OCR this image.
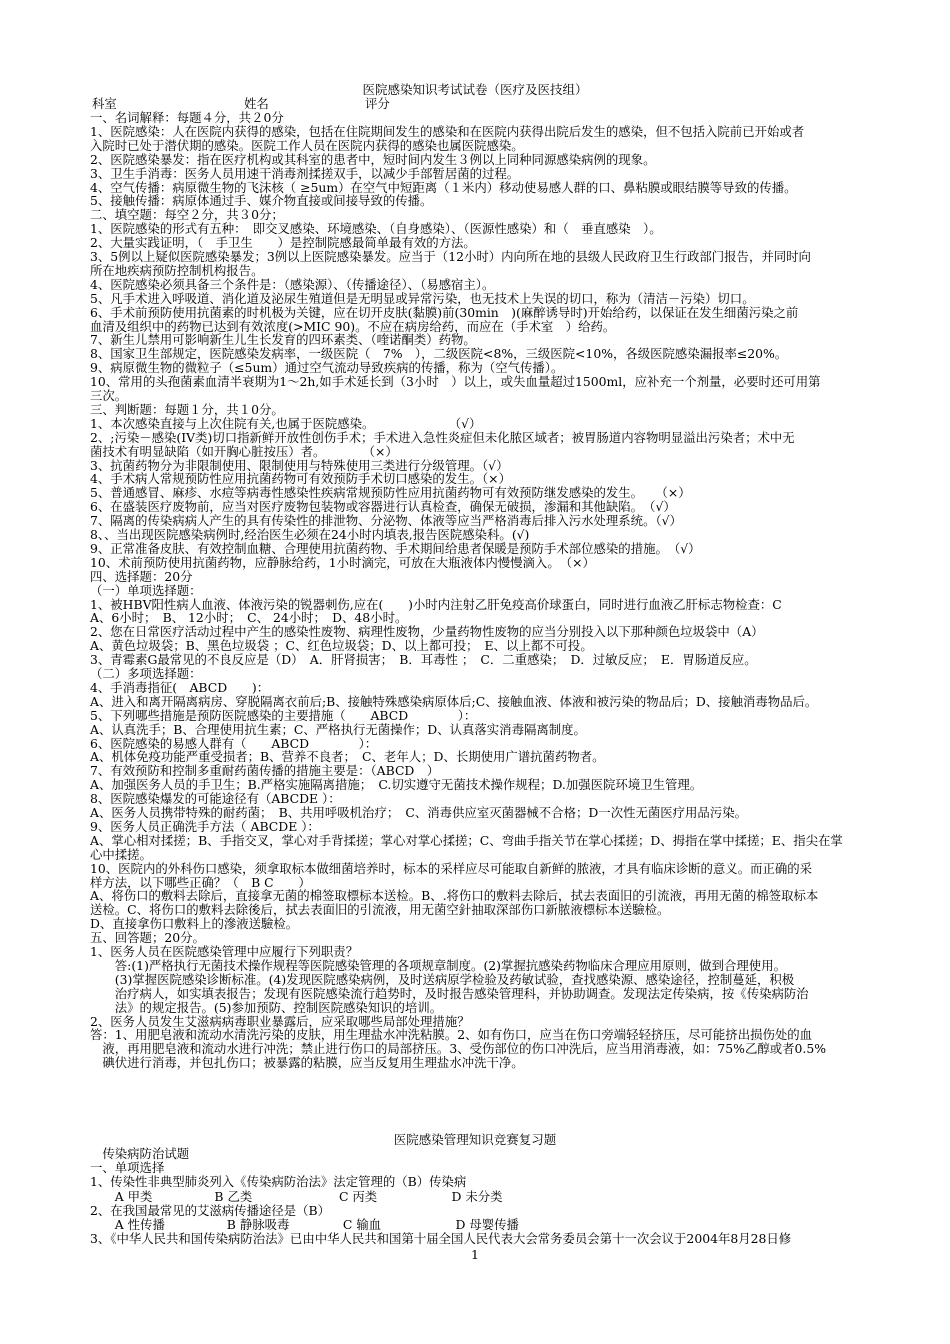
医院感染知识考试试卷（医疗及医技组）
科室	姓名	评分
一、名词解释：每题４分，共２0分
1、医院感染：人在医院内获得的感染，包括在住院期间发生的感染和在医院内获得出院后发生的感染，但不包括入院前已开始或者
入院时已处于潜伏期的感染。医院工作人员在医院内获得的感染也属医院感染。
2、医院感染暴发：指在医疗机构或其科室的患者中，短时间内发生３例以上同种同源感染病例的现象。
3、卫生手消毒：医务人员用速干消毒剂揉搓双手，以减少手部暂居菌的过程。
4、空气传播：病原微生物的飞沫核（ ≥5um）在空气中短距离（１米内）移动使易感人群的口、鼻粘膜或眼结膜等导致的传播。
5、接触传播：病原体通过手、媒介物直接或间接导致的传播。
二、填空题：每空２分，共３0分；
1、医院感染的形式有五种：　即交叉感染、环境感染、（自身感染）、（医源性感染）和（　垂直感染　）。
2、大量实践证明，（　手卫生　　）是控制院感最简单最有效的方法。
3、5例以上疑似医院感染暴发；3例以上医院感染暴发。应当于（12小时）内向所在地的县级人民政府卫生行政部门报告，并同时向
所在地疾病预防控制机构报告。
4、医院感染必须具备三个条件是：（感染源）、（传播途径）、（易感宿主）。
5、凡手术进入呼吸道、消化道及泌尿生殖道但是无明显或异常污染，也无技术上失误的切口，称为（清洁－污染）切口。
6、手术前预防使用抗菌素的时机极为关键，应在切开皮肤(黏膜)前(30min　)(麻醉诱导时)开始给药，以保证在发生细菌污染之前
血清及组织中的药物已达到有效浓度(>MIC 90)。不应在病房给药，而应在（手术室　）给药。
7、新生儿禁用可影响新生儿生长发育的四环素类、（喹诺酮类）药物。
8、国家卫生部规定，医院感染发病率，一级医院（　7%　），二级医院<8%，三级医院<10%，各级医院感染漏报率≤20%。
9、病原微生物的微粒子（≤5um）通过空气流动导致疾病的传播，称为（空气传播）。
10、常用的头孢菌素血清半衰期为1～2h,如手术延长到（3小时　）以上，或失血量超过1500ml，应补充一个剂量，必要时还可用第
三次。
三、判断题：每题１分，共１0分。
1、本次感染直接与上次住院有关,也属于医院感染。　　　　　　　（√）
2、;污染－感染(IV类)切口指新鲜开放性创伤手术；手术进入急性炎症但未化脓区域者；被胃肠道内容物明显溢出污染者；术中无
菌技术有明显缺陷（如开胸心脏按压）者。　　　　（×）
3、抗菌药物分为非限制使用、限制使用与特殊使用三类进行分级管理。（√）
4、手术病人常规预防性应用抗菌药物可有效预防手术切口感染的发生。（×）
5、普通感冒、麻疹、水痘等病毒性感染性疾病常规预防性应用抗菌药物可有效预防继发感染的发生。　　（×）
6、在盛装医疗废物前，应当对医疗废物包装物或容器进行认真检查，确保无破损，渗漏和其他缺陷。　（√）
7、隔离的传染病病人产生的具有传染性的排泄物、分泌物、体液等应当严格消毒后排入污水处理系统。（√）
8、、当出现医院感染病例时,经治医生必须在24小时内填表,报告医院感染科。(√)
9、正常准备皮肤、有效控制血糖、合理使用抗菌药物、手术期间给患者保暖是预防手术部位感染的措施。　（√）
10、术前预防使用抗菌药物，应静脉给药，1小时滴完，可放在大瓶液体内慢慢滴入。　（×）
四、选择题：20分
（一）单项选择题：
1、被HBV阳性病人血液、体液污染的锐器刺伤,应在(　　)小时内注射乙肝免疫高价球蛋白，同时进行血液乙肝标志物检查：C
A、6小时；　B、 12小时；　C、 24小时；　D、48小时。
2、您在日常医疗活动过程中产生的感染性废物、病理性废物，少量药物性废物的应当分别投入以下那种颜色垃圾袋中（A）
A、黄色垃圾袋；B、黑色垃圾袋 ；C、红色垃圾袋；D、以上都可投；　E、以上都不可投。
3、青霉素G最常见的不良反应是（D）　A．肝肾损害；　B．耳毒性 ；　C．二重感染；　D．过敏反应；　E．胃肠道反应。
（二）多项选择题：
4、手消毒指征(　ABCD　　)：
A、进入和离开隔离病房、穿脱隔离衣前后;B、接触特殊感染病原体后;C、接触血液、体液和被污染的物品后；D、接触消毒物品后。
5、下列哪些措施是预防医院感染的主要措施（　　ABCD　　　　）：
A、认真洗手；B、合理使用抗生素；C、严格执行无菌操作；D、认真落实消毒隔离制度。
6、医院感染的易感人群有（　　ABCD　　　　）：
A、机体免疫功能严重受损者；B、营养不良者；　C、老年人；D、长期使用广谱抗菌药物者。
7、有效预防和控制多重耐药菌传播的措施主要是：（ABCD　）
A、加强医务人员的手卫生；B.严格实施隔离措施；　C.切实遵守无菌技术操作规程；D.加强医院环境卫生管理。
8、医院感染爆发的可能途径有（ABCDE ）：
A、医务人员携带特殊的耐药菌；　B、共用呼吸机治疗；　C、消毒供应室灭菌器械不合格；D一次性无菌医疗用品污染。
9、医务人员正确洗手方法（ ABCDE ）：
A、掌心相对揉搓；B、手指交叉，掌心对手背揉搓；掌心对掌心揉搓；C、弯曲手指关节在掌心揉搓；D、拇指在掌中揉搓；E、指尖在掌
心中揉搓。
10、医院内的外科伤口感染，须拿取标本做细菌培养时，标本的采样应尽可能取自新鲜的脓液，才具有临床诊断的意义。而正确的采
样方法，以下哪些正确？（　B C　　）
A、将伤口的敷料去除后，直接拿无菌的棉签取標标本送检。B、.将伤口的敷料去除后，拭去表面旧的引流液，再用无菌的棉签取标本
送检。C、将伤口的敷料去除後后，拭去表面旧的引流液，用无菌空針抽取深部伤口新脓液標标本送驗检。
D、直接拿伤口敷料上的滲液送驗检。
五、回答题；20分。
1、医务人员在医院感染管理中应履行下列职责？
　　答:(1)严格执行无菌技术操作规程等医院感染管理的各项规章制度。(2)掌握抗感染药物临床合理应用原则，做到合理使用。
　　(3)掌握医院感染诊断标准。(4)发现医院感染病例，及时送病原学检验及药敏试验，查找感染源、感染途径，控制蔓延，积极
　　治疗病人，如实填表报告；发现有医院感染流行趋势时，及时报告感染管理科，并协助调查。发现法定传染病，按《传染病防治
　　法》的规定报告。(5)参加预防、控制医院感染知识的培训。
2、医务人员发生艾滋病病毒职业暴露后，应采取哪些局部处理措施？
答：1、用肥皂液和流动水清洗污染的皮肤，用生理盐水冲洗粘膜。2、如有伤口，应当在伤口旁端轻轻挤压，尽可能挤出损伤处的血
　液，再用肥皂液和流动水进行冲洗；禁止进行伤口的局部挤压。3、受伤部位的伤口冲洗后，应当用消毒液，如：75%乙醇或者0.5%
　碘伏进行消毒，并包扎伤口；被暴露的粘膜，应当反复用生理盐水冲洗干净。
医院感染管理知识竞赛复习题
　传染病防治试题
一、单项选择
1、传染性非典型肺炎列入《传染病防治法》法定管理的（B）传染病
　　A 甲类　　　　　B 乙类　　　　　　　C 丙类　　　　　　D 未分类
2、在我国最常见的艾滋病传播途径是（B）
　　A 性传播　　　　　B 静脉吸毒　　　　 C 输血　　　　　　D 母婴传播
3、《中华人民共和国传染病防治法》已由中华人民共和国第十届全国人民代表大会常务委员会第十一次会议于2004年8月28日修
1
